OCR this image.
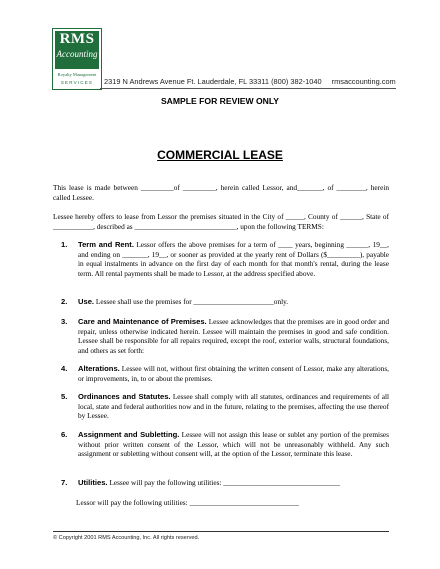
RMS
Accounting
Royalty Management
SERVICES	2319 N Andrews Avenue Ft. Lauderdale, FL 33311 (800) 382-1040 rmsaccounting.com
SAMPLE FOR REVIEW ONLY
COMMERCIAL LEASE
This lease is made between _________of _________, herein called Lessor, and_______, of ________, herein called Lessee.
Lessee hereby offers to lease from Lessor the premises situated in the City of _____, County of ______, State of ___________, described as ____________________________, upon the following TERMS:
1. Term and Rent. Lessor offers the above premises for a term of ____ years, beginning ______, 19__, and ending on _______, 19__, or sooner as provided at the yearly rent of Dollars ($_________), payable in equal instalments in advance on the first day of each month for that month's rental, during the lease term. All rental payments shall be made to Lessor, at the address specified above.
2. Use. Lessee shall use the premises for ______________________only.
3. Care and Maintenance of Premises. Lessee acknowledges that the premises are in good order and repair, unless otherwise indicated herein. Lessee will maintain the premises in good and safe condition. Lessee shall be responsible for all repairs required, except the roof, exterior walls, structural foundations, and others as set forth:
4. Alterations. Lessee will not, without first obtaining the written consent of Lessor, make any alterations, or improvements, in, to or about the premises.
5. Ordinances and Statutes. Lessee shall comply with all statutes, ordinances and requirements of all local, state and federal authorities now and in the future, relating to the premises, affecting the use thereof by Lessee.
6. Assignment and Subletting. Lessee will not assign this lease or sublet any portion of the premises without prior written consent of the Lessor, which will not be unreasonably withheld. Any such assignment or subletting without consent will, at the option of the Lessor, terminate this lease.
7. Utilities. Lessee will pay the following utilities: ________________________________
Lessor will pay the following utilities: ______________________________
© Copyright 2001 RMS Accounting, Inc. All rights reserved.
